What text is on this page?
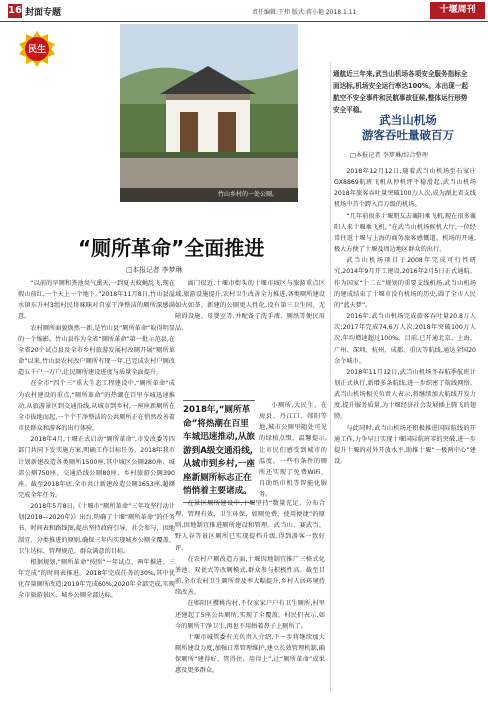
16 封面专题	责任编辑:王炜 版式:蒋小艳 2018.1.11	十堰周刊
民生
竹山乡村的一处公厕。
通航近三年来,武当山机场各项安全服务指标全面达标,机场安全运行率达100%。本出现一起航空不安全事件和民航事故征候,整体运行形势安全平稳。
武当山机场
游客吞吐量破百万
□本报记者 李梦琳/综合整理
“厕所革命”全面推进
□本报记者 李梦琳

“以前的旱厕和粪池臭气熏天,一到夏天蚊蝇乱飞,现在假山前红,一个天上一个地下。”2018年11月8日,竹山县溢水镇东升村3组村民将咪咪对自家干净整洁的厕所深感满意。

农村厕所面貌焕然一新,是竹山县“厕所革命”取得明显的一个缩影。竹山县作为全省“厕所革命”第一批示范县,在全省20个试点县及全市乡村旅游发展村改厕开展“厕所革命”以来,竹山县农村改户厕所有现一年,已完成农村户厕改造五千户一万户,让民厕所建设进度与质量全面提升。

在全市“四个三”重大生态工程建设中,“厕所革命”成为农村建设的重点,“厕所革命”的热潮在百里车城迅速推动,从旅游景区到交通沿线,从城市到乡村,一座座新厕所在全市拔地而起,一个个干净整洁的公共厕所正在悄然改善着市民群众和游客的出行体验。

2018年4月,十堰正式启动“厕所革命”,市发改委等四部门共同下发实施方案,明确工作目标任务。2018年我市计划新建改造各类厕所1500座,其中城区公厕280座、城郊公厕750座、交通沿线公厕80座、乡村旅游公厕390座。截至2018年底,全市共计新建改造公厕1653座,超额完成全年任务。

2018年5月8日,《十堰市“厕所革命”三年攻坚行动计划(2018—2020年)》出台,明确了十堰“厕所革命”的任务书、时间表和路线图,提出坚持政府引导、社会参与、因地制宜、分类推进的原则,确保三年内实现城乡公厕全覆盖、卫生达标、管理规范、群众满意的目标。

根据规划,“厕所革命”按照“一年试点、两年推进、三年完成”的时间表推进。2018年完成任务的30%,其中优化存量厕所改造;2019年完成60%;2020年全部完成,实现全市旅游景区、城乡公厕全部达标。

离门很近,十堰市街头的十堰市城区与旅游重点区域,旅游设施提升,农村卫生改善全力推进,各类厕所建设如火如荼。新建的公厕更人性化,设有第三卫生间、无障碍设施、母婴室等,并配备了洗手液、厕纸等便民用品。

2018年,“厕所革命”将热潮在百里车城迅速推动,从旅游到A级交通沿线,从城市到乡村,一座座新厕所标志正在悄悄着主要诸成。

小厕所,大民生。在房县、丹江口、郧阳等地,城市公厕里随处可见的绿植点缀、温馨提示,让市民们感受到城市的温度。一些有条件的厕所还实现了免费WiFi、自助纸巾机等智能化服务。

在景区厕所建设中,十堰坚持“数量充足、分布合理、管理有效、卫生环保、如厕免费、使用便捷”的原则,因地制宜推进厕所建设和管理。武当山、赛武当、野人谷等景区厕所已实现提档升级,得到游客一致好评。

在农村户厕改造方面,十堰因地制宜推广三格式化粪池、双瓮式等改厕模式,群众参与积极性高。截至目前,全市农村卫生厕所普及率大幅提升,乡村人居环境持续改善。

在郧阳区樱桃沟村,不仅家家户户有卫生厕所,村里还建起了5座公共厕所,实现了全覆盖。村民们表示,如今的厕所干净卫生,再也不用捂着鼻子上厕所了。

十堰市城管委有关负责人介绍,下一步将继续加大厕所建设力度,加强日常管理维护,建立长效管理机制,确保厕所“建得好、管得住、用得上”,让“厕所革命”成果惠及更多群众。

2018年12月12日,随着武当山机场至石家庄GX8869航班飞机从停机坪平稳滑起,武当山机场2018年旅客吞吐量突破100万人次,成为湖北省支线机场中首个跨入百万级的机场。

“几年前很多十堰朋友去襄阳乘飞机,现在很多襄阳人来十堰乘飞机。”在武当山机场候机大厅,一位经常往返十堰与上海的商务旅客感慨道。机场的开通,极大方便了十堰及周边地区群众的出行。

武当山机场项目于2008年完成可行性研究,2014年9月开工建设,2016年2月5日正式通航。作为国家“十二五”规划的重要支线机场,武当山机场的建成结束了十堰市没有机场的历史,圆了全市人民的“蓝天梦”。

2016年,武当山机场完成旅客吞吐量20.8万人次;2017年完成74.6万人次;2018年突破100万人次,年均增速超过100%。目前,已开通北京、上海、广州、深圳、杭州、成都、重庆等航线,通达全国20余个城市。

2018年11月12日,武当山机场冬春航季航班计划正式执行,新增多条航线,进一步织密了航线网络。武当山机场相关负责人表示,将继续加大航线开发力度,提升服务质量,为十堰经济社会发展插上腾飞的翅膀。

与此同时,武当山机场还积极推进国际航线的开通工作,力争早日实现十堰国际航班零的突破,进一步提升十堰的对外开放水平,助推十堰“一极两中心”建设。
